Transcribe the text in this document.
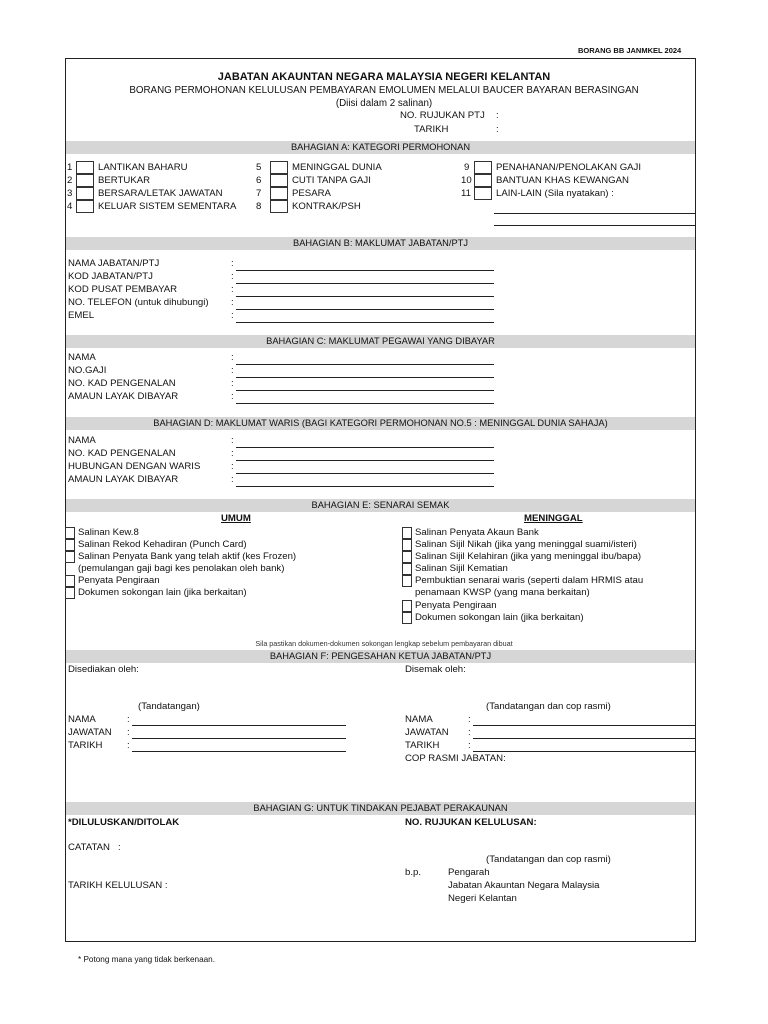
BORANG BB JANMKEL 2024
JABATAN AKAUNTAN NEGARA MALAYSIA NEGERI KELANTAN
BORANG PERMOHONAN KELULUSAN PEMBAYARAN EMOLUMEN MELALUI BAUCER BAYARAN BERASINGAN
(Diisi dalam 2 salinan)
NO. RUJUKAN PTJ :
TARIKH	:
BAHAGIAN A: KATEGORI PERMOHONAN
1	LANTIKAN BAHARU
2	BERTUKAR
3	BERSARA/LETAK JAWATAN
4	KELUAR SISTEM SEMENTARA
5	MENINGGAL DUNIA
6	CUTI TANPA GAJI
7	PESARA
8	KONTRAK/PSH
9	PENAHANAN/PENOLAKAN GAJI
10	BANTUAN KHAS KEWANGAN
11	LAIN-LAIN (Sila nyatakan) :
BAHAGIAN B: MAKLUMAT JABATAN/PTJ
NAMA JABATAN/PTJ	:
KOD JABATAN/PTJ	:
KOD PUSAT PEMBAYAR	:
NO. TELEFON (untuk dihubungi) :
EMEL	:
BAHAGIAN C: MAKLUMAT PEGAWAI YANG DIBAYAR
NAMA	:
NO.GAJI	:
NO. KAD PENGENALAN	:
AMAUN LAYAK DIBAYAR	:
BAHAGIAN D: MAKLUMAT WARIS (BAGI KATEGORI PERMOHONAN NO.5 : MENINGGAL DUNIA SAHAJA)
NAMA	:
NO. KAD PENGENALAN	:
HUBUNGAN DENGAN WARIS	:
AMAUN LAYAK DIBAYAR	:
BAHAGIAN E: SENARAI SEMAK
UMUM	MENINGGAL
Salinan Kew.8
Salinan Rekod Kehadiran (Punch Card)
Salinan Penyata Bank yang telah aktif (kes Frozen)
(pemulangan gaji bagi kes penolakan oleh bank)
Penyata Pengiraan
Dokumen sokongan lain (jika berkaitan)
Salinan Penyata Akaun Bank
Salinan Sijil Nikah (jika yang meninggal suami/isteri)
Salinan Sijil Kelahiran (jika yang meninggal ibu/bapa)
Salinan Sijil Kematian
Pembuktian senarai waris (seperti dalam HRMIS atau
penamaan KWSP (yang mana berkaitan)
Penyata Pengiraan
Dokumen sokongan lain (jika berkaitan)
Sila pastikan dokumen-dokumen sokongan lengkap sebelum pembayaran dibuat
BAHAGIAN F: PENGESAHAN KETUA JABATAN/PTJ
Disediakan oleh:	Disemak oleh:
(Tandatangan)	(Tandatangan dan cop rasmi)
NAMA	:
JAWATAN :
TARIKH	:
NAMA	:
JAWATAN :
TARIKH	:
COP RASMI JABATAN:
BAHAGIAN G: UNTUK TINDAKAN PEJABAT PERAKAUNAN
*DILULUSKAN/DITOLAK	NO. RUJUKAN KELULUSAN:
CATATAN :
(Tandatangan dan cop rasmi)
b.p.	Pengarah
Jabatan Akauntan Negara Malaysia
Negeri Kelantan
TARIKH KELULUSAN :
* Potong mana yang tidak berkenaan.
